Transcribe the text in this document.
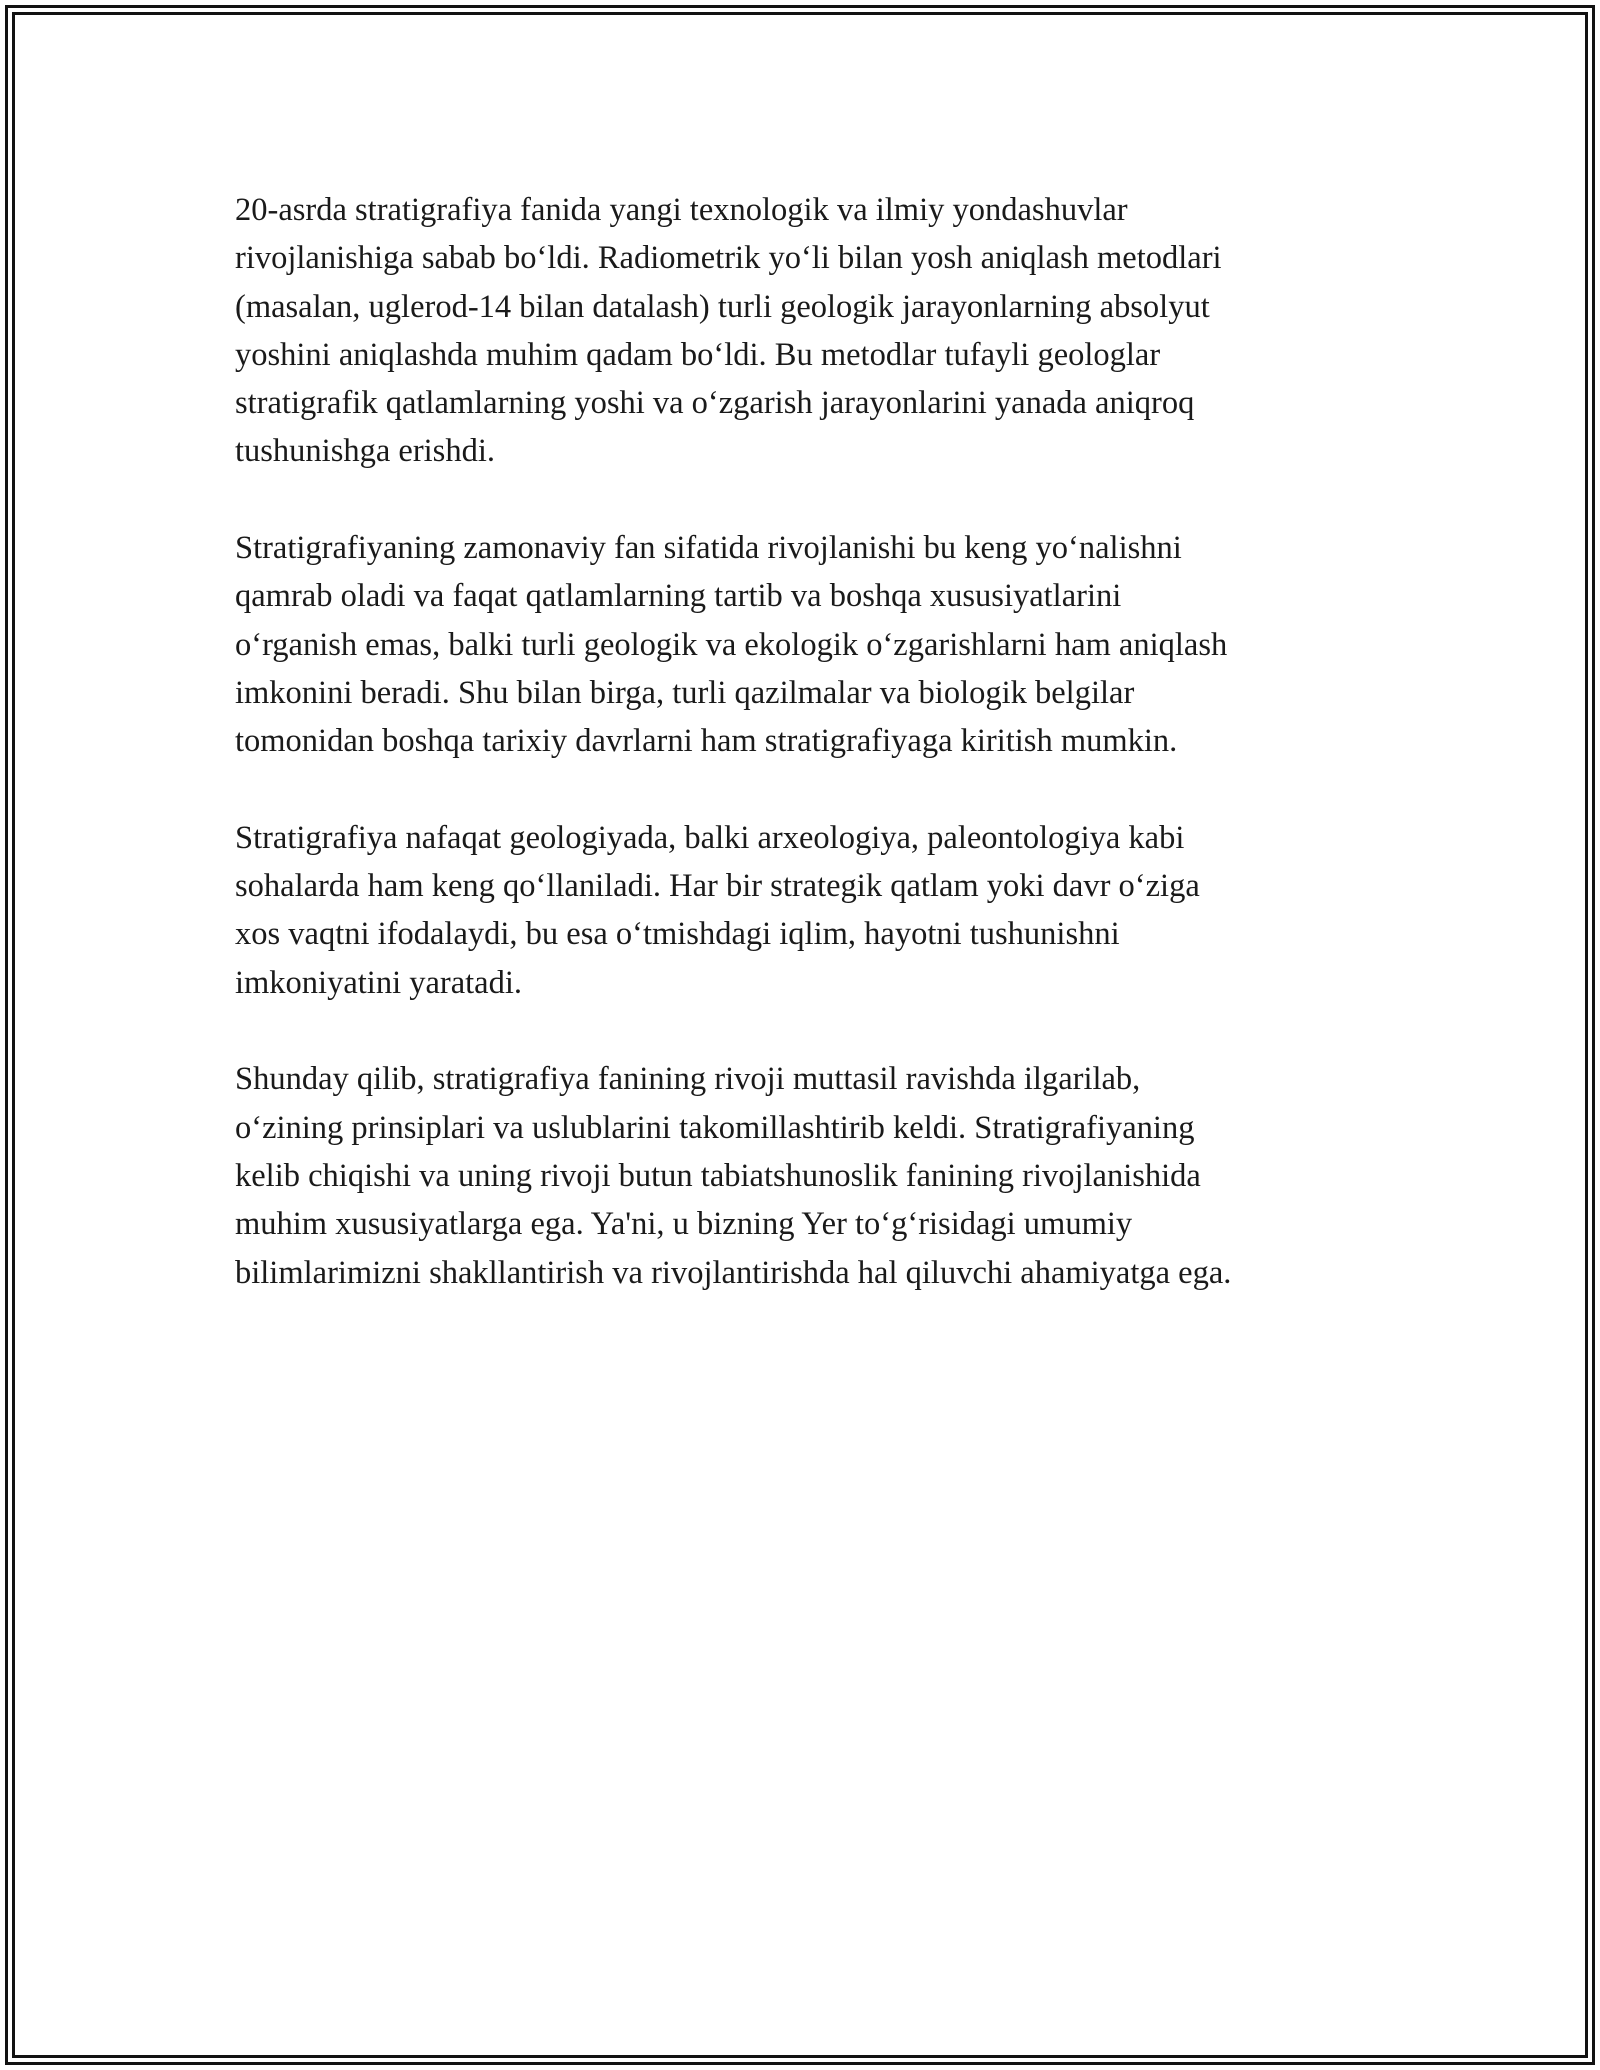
20-asrda stratigrafiya fanida yangi texnologik va ilmiy yondashuvlar
rivojlanishiga sabab bo‘ldi. Radiometrik yo‘li bilan yosh aniqlash metodlari
(masalan, uglerod-14 bilan datalash) turli geologik jarayonlarning absolyut
yoshini aniqlashda muhim qadam bo‘ldi. Bu metodlar tufayli geologlar
stratigrafik qatlamlarning yoshi va o‘zgarish jarayonlarini yanada aniqroq
tushunishga erishdi.

Stratigrafiyaning zamonaviy fan sifatida rivojlanishi bu keng yo‘nalishni
qamrab oladi va faqat qatlamlarning tartib va boshqa xususiyatlarini
o‘rganish emas, balki turli geologik va ekologik o‘zgarishlarni ham aniqlash
imkonini beradi. Shu bilan birga, turli qazilmalar va biologik belgilar
tomonidan boshqa tarixiy davrlarni ham stratigrafiyaga kiritish mumkin.

Stratigrafiya nafaqat geologiyada, balki arxeologiya, paleontologiya kabi
sohalarda ham keng qo‘llaniladi. Har bir strategik qatlam yoki davr o‘ziga
xos vaqtni ifodalaydi, bu esa o‘tmishdagi iqlim, hayotni tushunishni
imkoniyatini yaratadi.

Shunday qilib, stratigrafiya fanining rivoji muttasil ravishda ilgarilab,
o‘zining prinsiplari va uslublarini takomillashtirib keldi. Stratigrafiyaning
kelib chiqishi va uning rivoji butun tabiatshunoslik fanining rivojlanishida
muhim xususiyatlarga ega. Ya'ni, u bizning Yer to‘g‘risidagi umumiy
bilimlarimizni shakllantirish va rivojlantirishda hal qiluvchi ahamiyatga ega.
